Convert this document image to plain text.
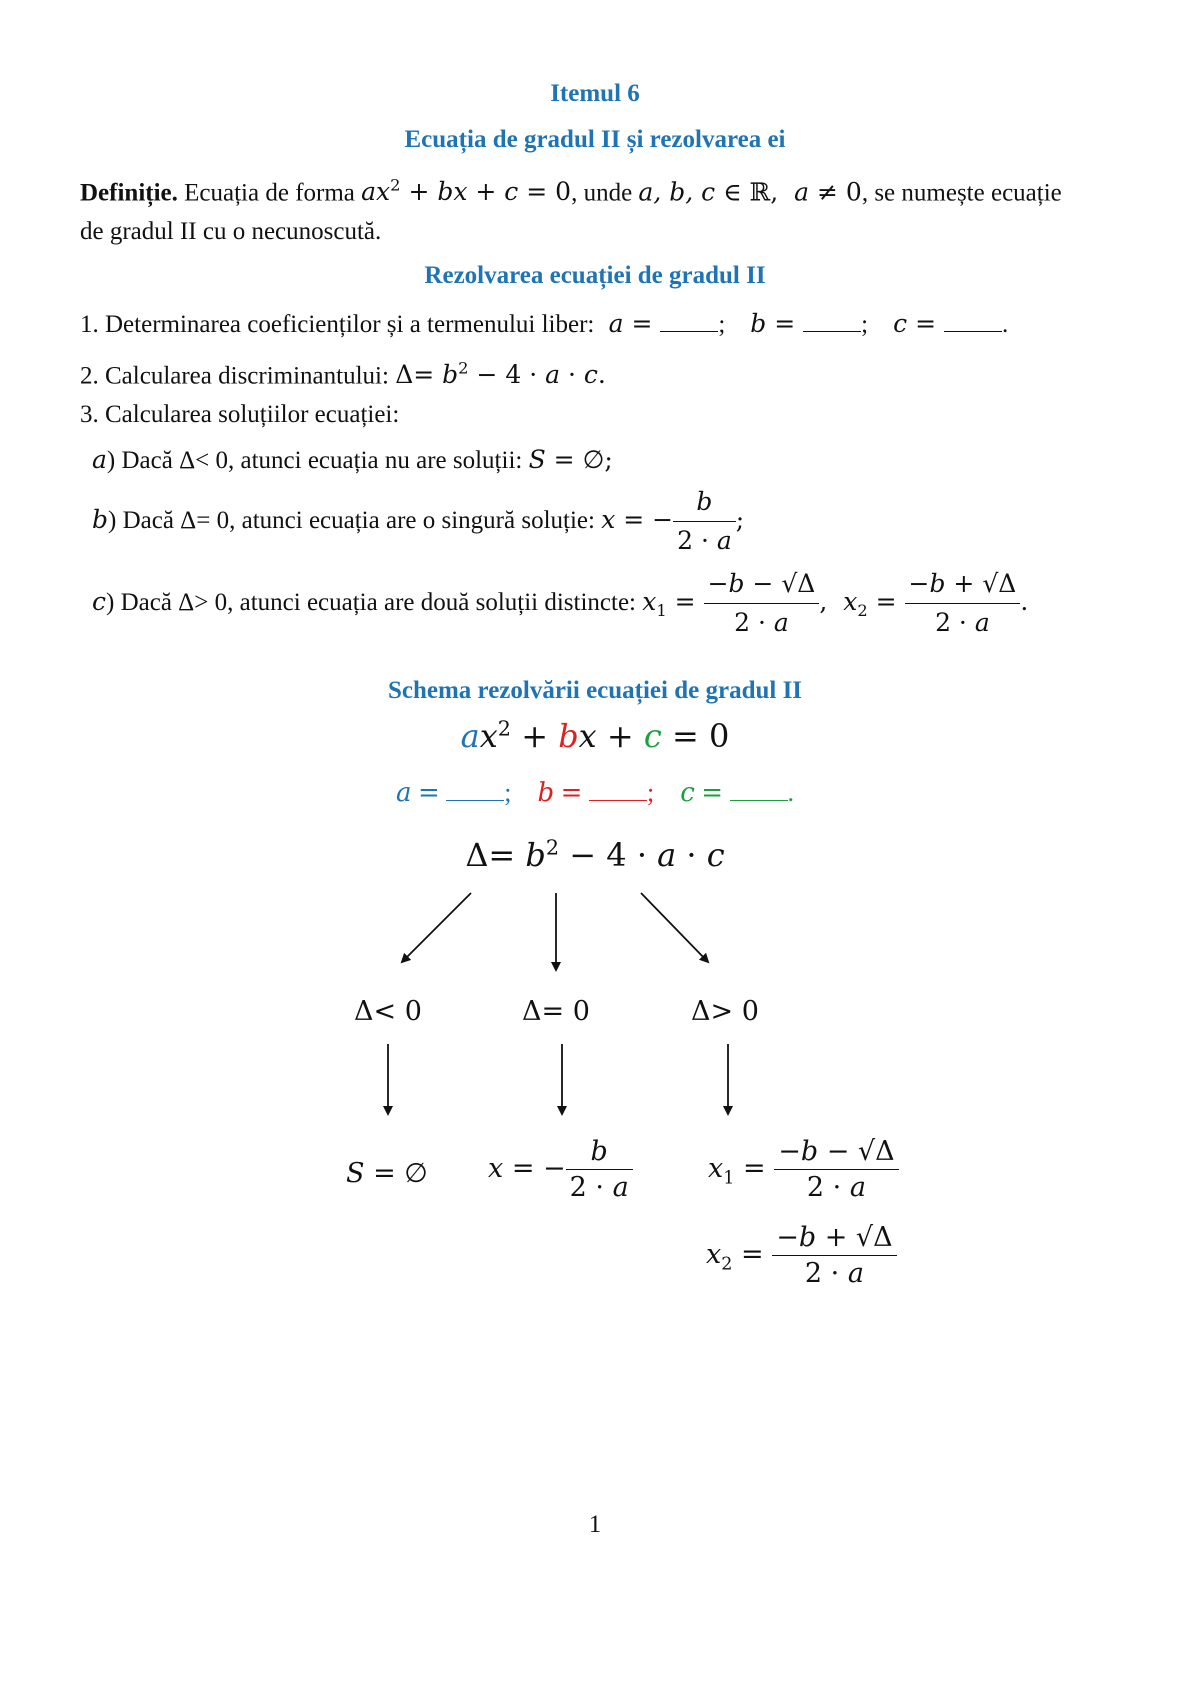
Itemul 6
Ecuația de gradul II și rezolvarea ei
Definiție. Ecuația de forma $ax^2$ + bx + c = 0, unde a, b, c ∈ ℝ,  a ≠ 0, se numește ecuație
de gradul II cu o necunoscută.
Rezolvarea ecuației de gradul II
1. Determinarea coeficienților și a termenului liber:  a =	;    b =	;    c =	.
2. Calcularea discriminantului: $\Delta= b^2 - 4 \cdot a \cdot c$.
3. Calcularea soluțiilor ecuației:
a) Dacă Δ< 0, atunci ecuația nu are soluții: S = ∅;
b) Dacă Δ= 0, atunci ecuația are o singură soluție: x = − $\frac{b}{2 \cdot a}$ ;
c) Dacă Δ> 0, atunci ecuația are două soluții distincte: $x_1 = \frac{-b - √\Delta}{2 \cdot a}$ ,  $x_2 = \frac{-b + √\Delta}{2 \cdot a}$ .
Schema rezolvării ecuației de gradul II
$ax^2$ + bx + c = 0
a = ; b = ; c = .
$\Delta= b^2 - 4 \cdot a \cdot c$
Δ< 0	Δ= 0	Δ> 0
S = ∅ x = − $\frac{b}{2 \cdot a}$	$x_1 = \frac{-b - √\Delta}{2 \cdot a}$
$x_2 = \frac{-b + √\Delta}{2 \cdot a}$
1
